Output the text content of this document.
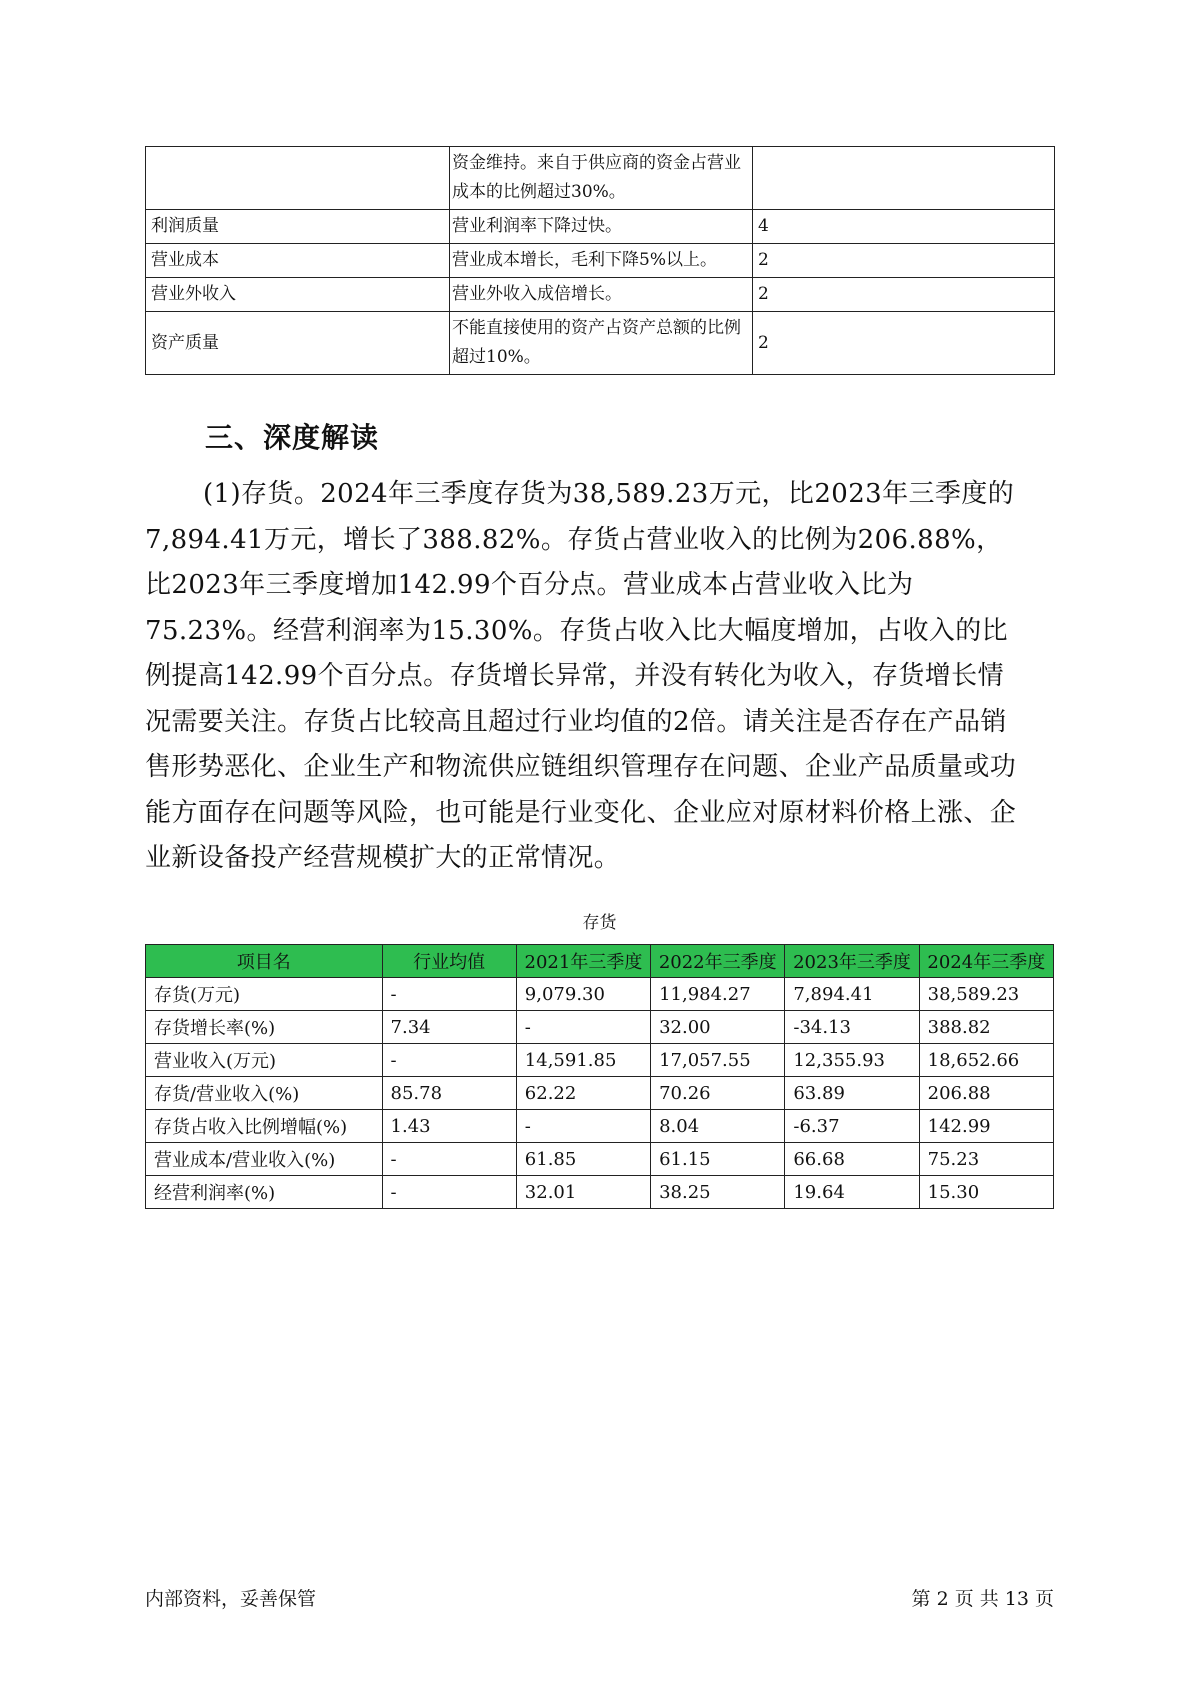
	资金维持。来自于供应商的资金占营业成本的比例超过30%。	
利润质量	营业利润率下降过快。	4
营业成本	营业成本增长，毛利下降5%以上。	2
营业外收入	营业外收入成倍增长。	2
资产质量	不能直接使用的资产占资产总额的比例超过10%。	2
三、深度解读

(1)存货。2024年三季度存货为38,589.23万元，比2023年三季度的7,894.41万元，增长了388.82%。存货占营业收入的比例为206.88%，比2023年三季度增加142.99个百分点。营业成本占营业收入比为75.23%。经营利润率为15.30%。存货占收入比大幅度增加，占收入的比例提高142.99个百分点。存货增长异常，并没有转化为收入，存货增长情况需要关注。存货占比较高且超过行业均值的2倍。请关注是否存在产品销售形势恶化、企业生产和物流供应链组织管理存在问题、企业产品质量或功能方面存在问题等风险，也可能是行业变化、企业应对原材料价格上涨、企业新设备投产经营规模扩大的正常情况。

存货
项目名	行业均值	2021年三季度	2022年三季度	2023年三季度	2024年三季度
存货(万元)	-	9,079.30	11,984.27	7,894.41	38,589.23
存货增长率(%)	7.34	-	32.00	-34.13	388.82
营业收入(万元)	-	14,591.85	17,057.55	12,355.93	18,652.66
存货/营业收入(%)	85.78	62.22	70.26	63.89	206.88
存货占收入比例增幅(%)	1.43	-	8.04	-6.37	142.99
营业成本/营业收入(%)	-	61.85	61.15	66.68	75.23
经营利润率(%)	-	32.01	38.25	19.64	15.30
内部资料，妥善保管	第 2 页 共 13 页
